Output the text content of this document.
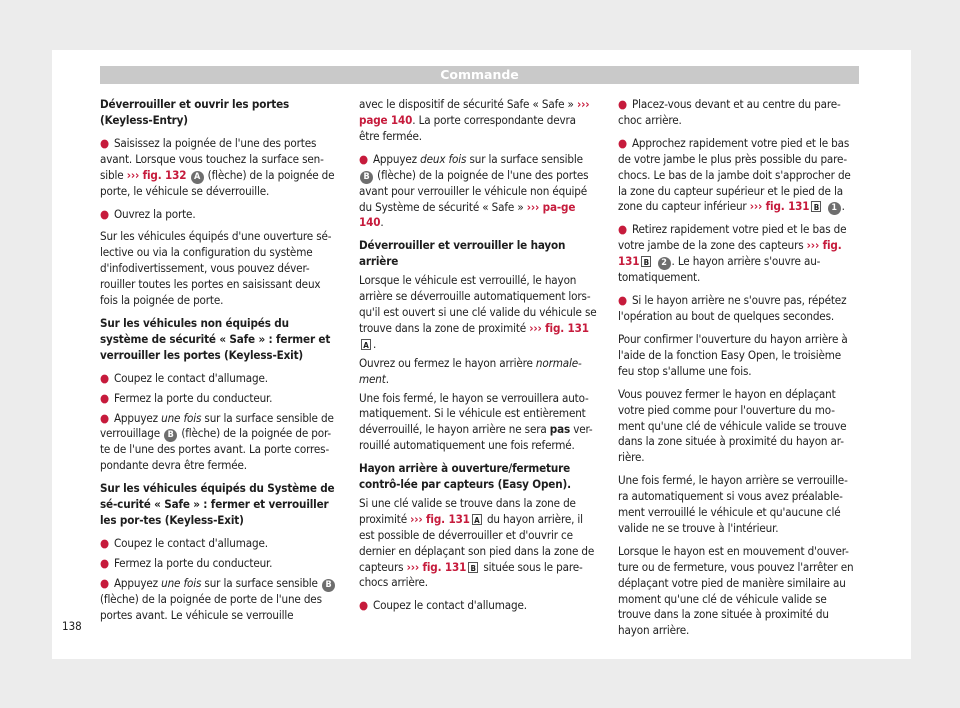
Commande

Déverrouiller et ouvrir les portes (Keyless-Entry)

● Saisissez la poignée de l'une des portes avant. Lorsque vous touchez la surface sen-sible ››› fig. 132 A (flèche) de la poignée de porte, le véhicule se déverrouille.

● Ouvrez la porte.

Sur les véhicules équipés d'une ouverture sé-lective ou via la configuration du système d'infodivertissement, vous pouvez déver-rouiller toutes les portes en saisissant deux fois la poignée de porte.

Sur les véhicules non équipés du système de sécurité « Safe » : fermer et verrouiller les portes (Keyless-Exit)

● Coupez le contact d'allumage.

● Fermez la porte du conducteur.

● Appuyez une fois sur la surface sensible de verrouillage B (flèche) de la poignée de por-te de l'une des portes avant. La porte corres-pondante devra être fermée.

Sur les véhicules équipés du Système de sé-curité « Safe » : fermer et verrouiller les por-tes (Keyless-Exit)

● Coupez le contact d'allumage.

● Fermez la porte du conducteur.

● Appuyez une fois sur la surface sensible B (flèche) de la poignée de porte de l'une des portes avant. Le véhicule se verrouille

avec le dispositif de sécurité Safe « Safe » ››› page 140. La porte correspondante devra être fermée.

● Appuyez deux fois sur la surface sensible B (flèche) de la poignée de l'une des portes avant pour verrouiller le véhicule non équipé du Système de sécurité « Safe » ››› pa-ge 140.

Déverrouiller et verrouiller le hayon arrière

Lorsque le véhicule est verrouillé, le hayon arrière se déverrouille automatiquement lors-qu'il est ouvert si une clé valide du véhicule se trouve dans la zone de proximité ››› fig. 131A .

Ouvrez ou fermez le hayon arrière normale-ment.

Une fois fermé, le hayon se verrouillera auto-matiquement. Si le véhicule est entièrement déverrouillé, le hayon arrière ne sera pas ver-rouillé automatiquement une fois refermé.

Hayon arrière à ouverture/fermeture contrô-lée par capteurs (Easy Open).

Si une clé valide se trouve dans la zone de proximité ››› fig. 131 A du hayon arrière, il est possible de déverrouiller et d'ouvrir ce dernier en déplaçant son pied dans la zone de capteurs ››› fig. 131 B située sous le pare-chocs arrière.

● Coupez le contact d'allumage.

● Placez-vous devant et au centre du pare-choc arrière.

● Approchez rapidement votre pied et le bas de votre jambe le plus près possible du pare-chocs. Le bas de la jambe doit s'approcher de la zone du capteur supérieur et le pied de la zone du capteur inférieur ››› fig. 131 B 1 .

● Retirez rapidement votre pied et le bas de votre jambe de la zone des capteurs ››› fig. 131 B 2 . Le hayon arrière s'ouvre au-tomatiquement.

● Si le hayon arrière ne s'ouvre pas, répétez l'opération au bout de quelques secondes.

Pour confirmer l'ouverture du hayon arrière à l'aide de la fonction Easy Open, le troisième feu stop s'allume une fois.

Vous pouvez fermer le hayon en déplaçant votre pied comme pour l'ouverture du mo-ment qu'une clé de véhicule valide se trouve dans la zone située à proximité du hayon ar-rière.

Une fois fermé, le hayon arrière se verrouille-ra automatiquement si vous avez préalable-ment verrouillé le véhicule et qu'aucune clé valide ne se trouve à l'intérieur.

Lorsque le hayon est en mouvement d'ouver-ture ou de fermeture, vous pouvez l'arrêter en déplaçant votre pied de manière similaire au moment qu'une clé de véhicule valide se trouve dans la zone située à proximité du hayon arrière.

138
